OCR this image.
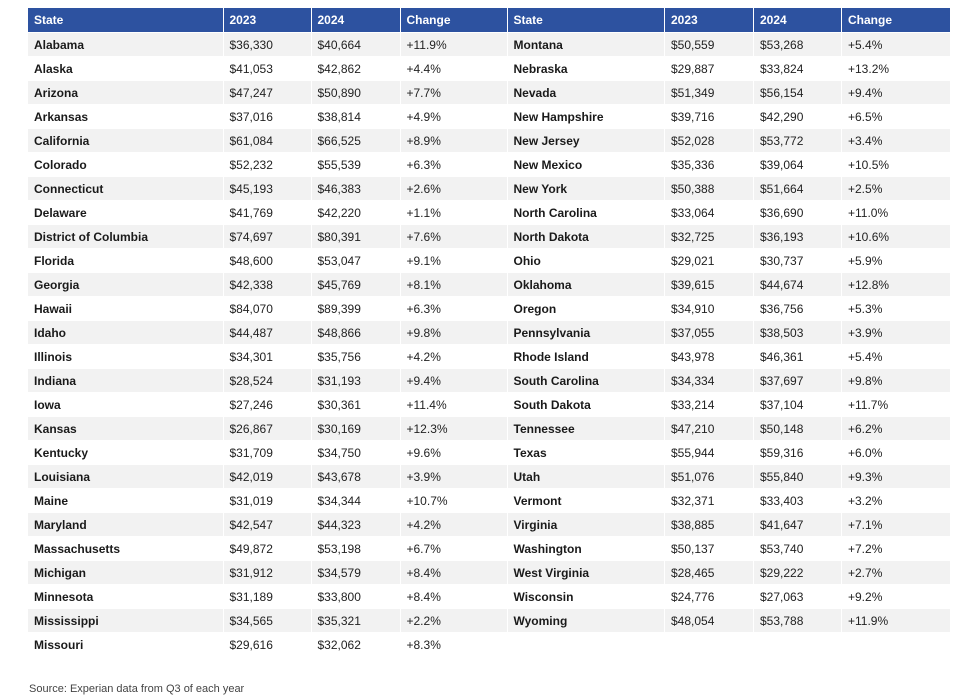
State	2023	2024	Change
Alabama	$36,330	$40,664	+11.9%
Alaska	$41,053	$42,862	+4.4%
Arizona	$47,247	$50,890	+7.7%
Arkansas	$37,016	$38,814	+4.9%
California	$61,084	$66,525	+8.9%
Colorado	$52,232	$55,539	+6.3%
Connecticut	$45,193	$46,383	+2.6%
Delaware	$41,769	$42,220	+1.1%
District of Columbia	$74,697	$80,391	+7.6%
Florida	$48,600	$53,047	+9.1%
Georgia	$42,338	$45,769	+8.1%
Hawaii	$84,070	$89,399	+6.3%
Idaho	$44,487	$48,866	+9.8%
Illinois	$34,301	$35,756	+4.2%
Indiana	$28,524	$31,193	+9.4%
Iowa	$27,246	$30,361	+11.4%
Kansas	$26,867	$30,169	+12.3%
Kentucky	$31,709	$34,750	+9.6%
Louisiana	$42,019	$43,678	+3.9%
Maine	$31,019	$34,344	+10.7%
Maryland	$42,547	$44,323	+4.2%
Massachusetts	$49,872	$53,198	+6.7%
Michigan	$31,912	$34,579	+8.4%
Minnesota	$31,189	$33,800	+8.4%
Mississippi	$34,565	$35,321	+2.2%
Missouri	$29,616	$32,062	+8.3%
State	2023	2024	Change
Montana	$50,559	$53,268	+5.4%
Nebraska	$29,887	$33,824	+13.2%
Nevada	$51,349	$56,154	+9.4%
New Hampshire	$39,716	$42,290	+6.5%
New Jersey	$52,028	$53,772	+3.4%
New Mexico	$35,336	$39,064	+10.5%
New York	$50,388	$51,664	+2.5%
North Carolina	$33,064	$36,690	+11.0%
North Dakota	$32,725	$36,193	+10.6%
Ohio	$29,021	$30,737	+5.9%
Oklahoma	$39,615	$44,674	+12.8%
Oregon	$34,910	$36,756	+5.3%
Pennsylvania	$37,055	$38,503	+3.9%
Rhode Island	$43,978	$46,361	+5.4%
South Carolina	$34,334	$37,697	+9.8%
South Dakota	$33,214	$37,104	+11.7%
Tennessee	$47,210	$50,148	+6.2%
Texas	$55,944	$59,316	+6.0%
Utah	$51,076	$55,840	+9.3%
Vermont	$32,371	$33,403	+3.2%
Virginia	$38,885	$41,647	+7.1%
Washington	$50,137	$53,740	+7.2%
West Virginia	$28,465	$29,222	+2.7%
Wisconsin	$24,776	$27,063	+9.2%
Wyoming	$48,054	$53,788	+11.9%

Source: Experian data from Q3 of each year
